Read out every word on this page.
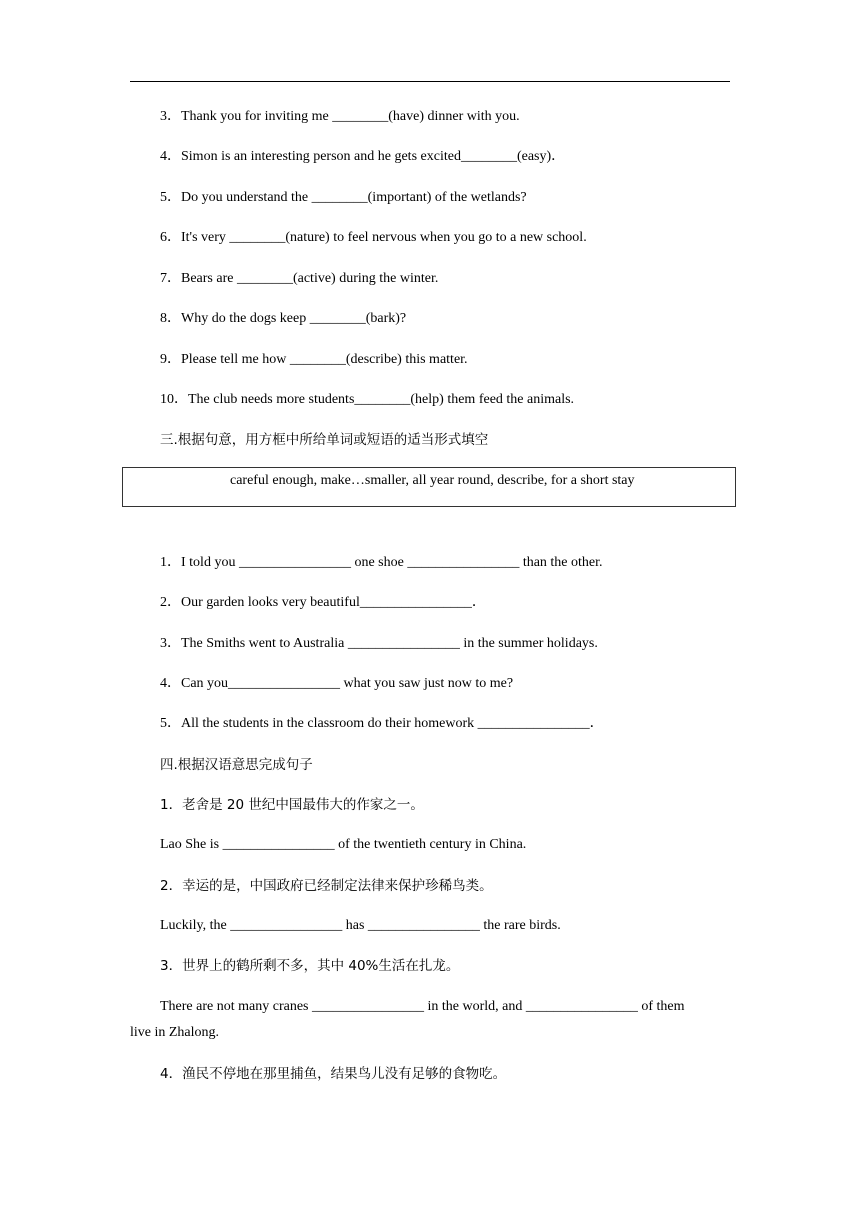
3．Thank you for inviting me ________(have) dinner with you.
4．Simon is an interesting person and he gets excited________(easy)．
5．Do you understand the ________(important) of the wetlands?
6．It's very ________(nature) to feel nervous when you go to a new school.
7．Bears are ________(active) during the winter.
8．Why do the dogs keep ________(bark)?
9．Please tell me how ________(describe) this matter.
10．The club needs more students________(help) them feed the animals.
三.根据句意，用方框中所给单词或短语的适当形式填空
careful enough, make…smaller, all year round, describe, for a short stay
1．I told you ________________ one shoe ________________ than the other.
2．Our garden looks very beautiful________________．
3．The Smiths went to Australia ________________ in the summer holidays.
4．Can you________________ what you saw just now to me?
5．All the students in the classroom do their homework ________________．
四.根据汉语意思完成句子
1．老舍是 20 世纪中国最伟大的作家之一。
Lao She is ________________ of the twentieth century in China.
2．幸运的是，中国政府已经制定法律来保护珍稀鸟类。
Luckily, the ________________ has ________________ the rare birds.
3．世界上的鹤所剩不多，其中 40%生活在扎龙。
There are not many cranes ________________ in the world, and ________________ of them
live in Zhalong.
4．渔民不停地在那里捕鱼，结果鸟儿没有足够的食物吃。
